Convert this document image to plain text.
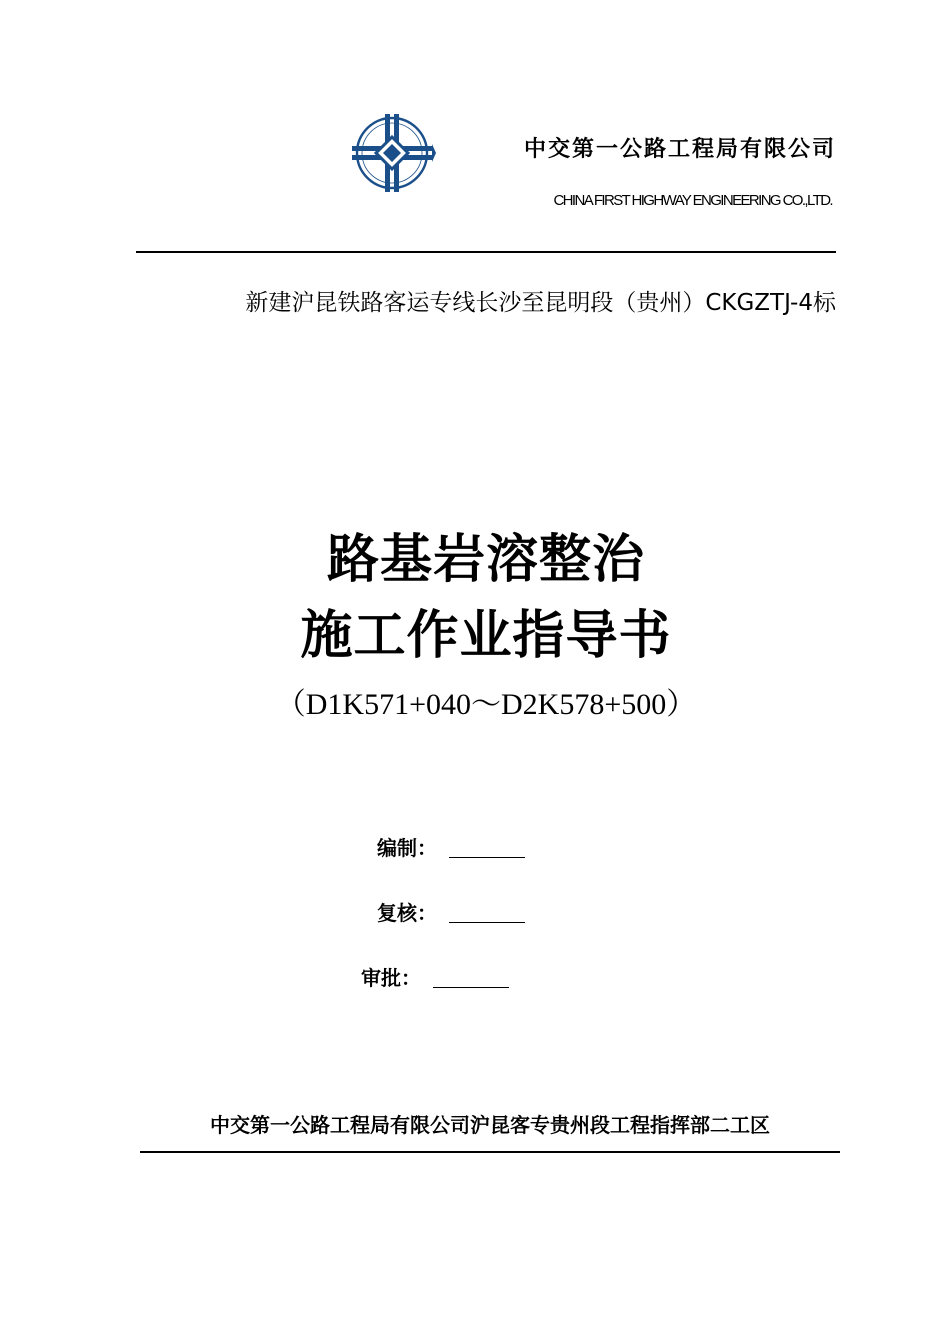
中交第一公路工程局有限公司
CHINA FIRST HIGHWAY ENGINEERING CO.,LTD.
新建沪昆铁路客运专线长沙至昆明段（贵州）CKGZTJ-4标
路基岩溶整治
施工作业指导书
（D1K571+040～D2K578+500）
编制：
复核：
审批：
中交第一公路工程局有限公司沪昆客专贵州段工程指挥部二工区
